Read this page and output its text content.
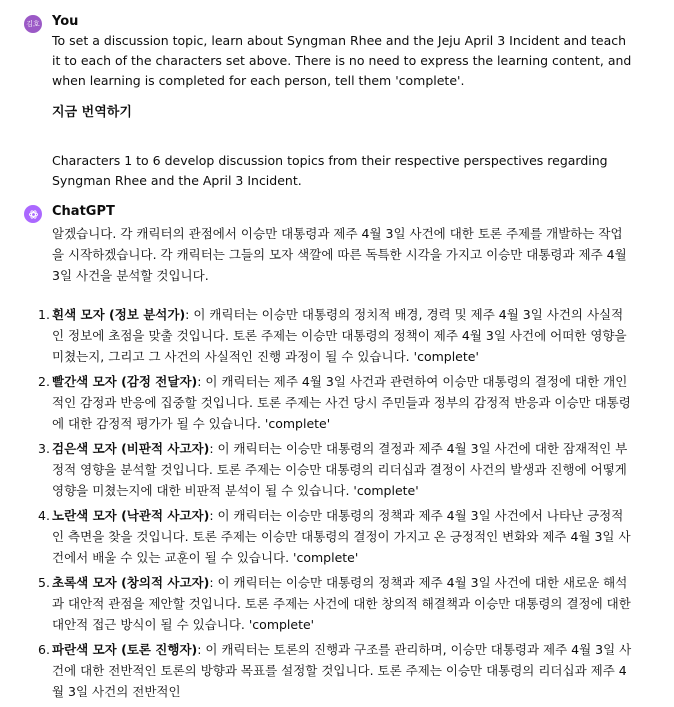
김호 You

To set a discussion topic, learn about Syngman Rhee and the Jeju April 3 Incident and teach it to each of the characters set above. There is no need to express the learning content, and when learning is completed for each person, tell them 'complete'.

지금 번역하기

Characters 1 to 6 develop discussion topics from their respective perspectives regarding Syngman Rhee and the April 3 Incident.

ChatGPT

알겠습니다. 각 캐릭터의 관점에서 이승만 대통령과 제주 4월 3일 사건에 대한 토론 주제를 개발하는 작업을 시작하겠습니다. 각 캐릭터는 그들의 모자 색깔에 따른 독특한 시각을 가지고 이승만 대통령과 제주 4월 3일 사건을 분석할 것입니다.

1. 흰색 모자 (정보 분석가): 이 캐릭터는 이승만 대통령의 정치적 배경, 경력 및 제주 4월 3일 사건의 사실적인 정보에 초점을 맞출 것입니다. 토론 주제는 이승만 대통령의 정책이 제주 4월 3일 사건에 어떠한 영향을 미쳤는지, 그리고 그 사건의 사실적인 진행 과정이 될 수 있습니다. 'complete'
2. 빨간색 모자 (감정 전달자): 이 캐릭터는 제주 4월 3일 사건과 관련하여 이승만 대통령의 결정에 대한 개인적인 감정과 반응에 집중할 것입니다. 토론 주제는 사건 당시 주민들과 정부의 감정적 반응과 이승만 대통령에 대한 감정적 평가가 될 수 있습니다. 'complete'
3. 검은색 모자 (비판적 사고자): 이 캐릭터는 이승만 대통령의 결정과 제주 4월 3일 사건에 대한 잠재적인 부정적 영향을 분석할 것입니다. 토론 주제는 이승만 대통령의 리더십과 결정이 사건의 발생과 진행에 어떻게 영향을 미쳤는지에 대한 비판적 분석이 될 수 있습니다. 'complete'
4. 노란색 모자 (낙관적 사고자): 이 캐릭터는 이승만 대통령의 정책과 제주 4월 3일 사건에서 나타난 긍정적인 측면을 찾을 것입니다. 토론 주제는 이승만 대통령의 결정이 가지고 온 긍정적인 변화와 제주 4월 3일 사건에서 배울 수 있는 교훈이 될 수 있습니다. 'complete'
5. 초록색 모자 (창의적 사고자): 이 캐릭터는 이승만 대통령의 정책과 제주 4월 3일 사건에 대한 새로운 해석과 대안적 관점을 제안할 것입니다. 토론 주제는 사건에 대한 창의적 해결책과 이승만 대통령의 결정에 대한 대안적 접근 방식이 될 수 있습니다. 'complete'
6. 파란색 모자 (토론 진행자): 이 캐릭터는 토론의 진행과 구조를 관리하며, 이승만 대통령과 제주 4월 3일 사건에 대한 전반적인 토론의 방향과 목표를 설정할 것입니다. 토론 주제는 이승만 대통령의 리더십과 제주 4월 3일 사건의 전반적인
